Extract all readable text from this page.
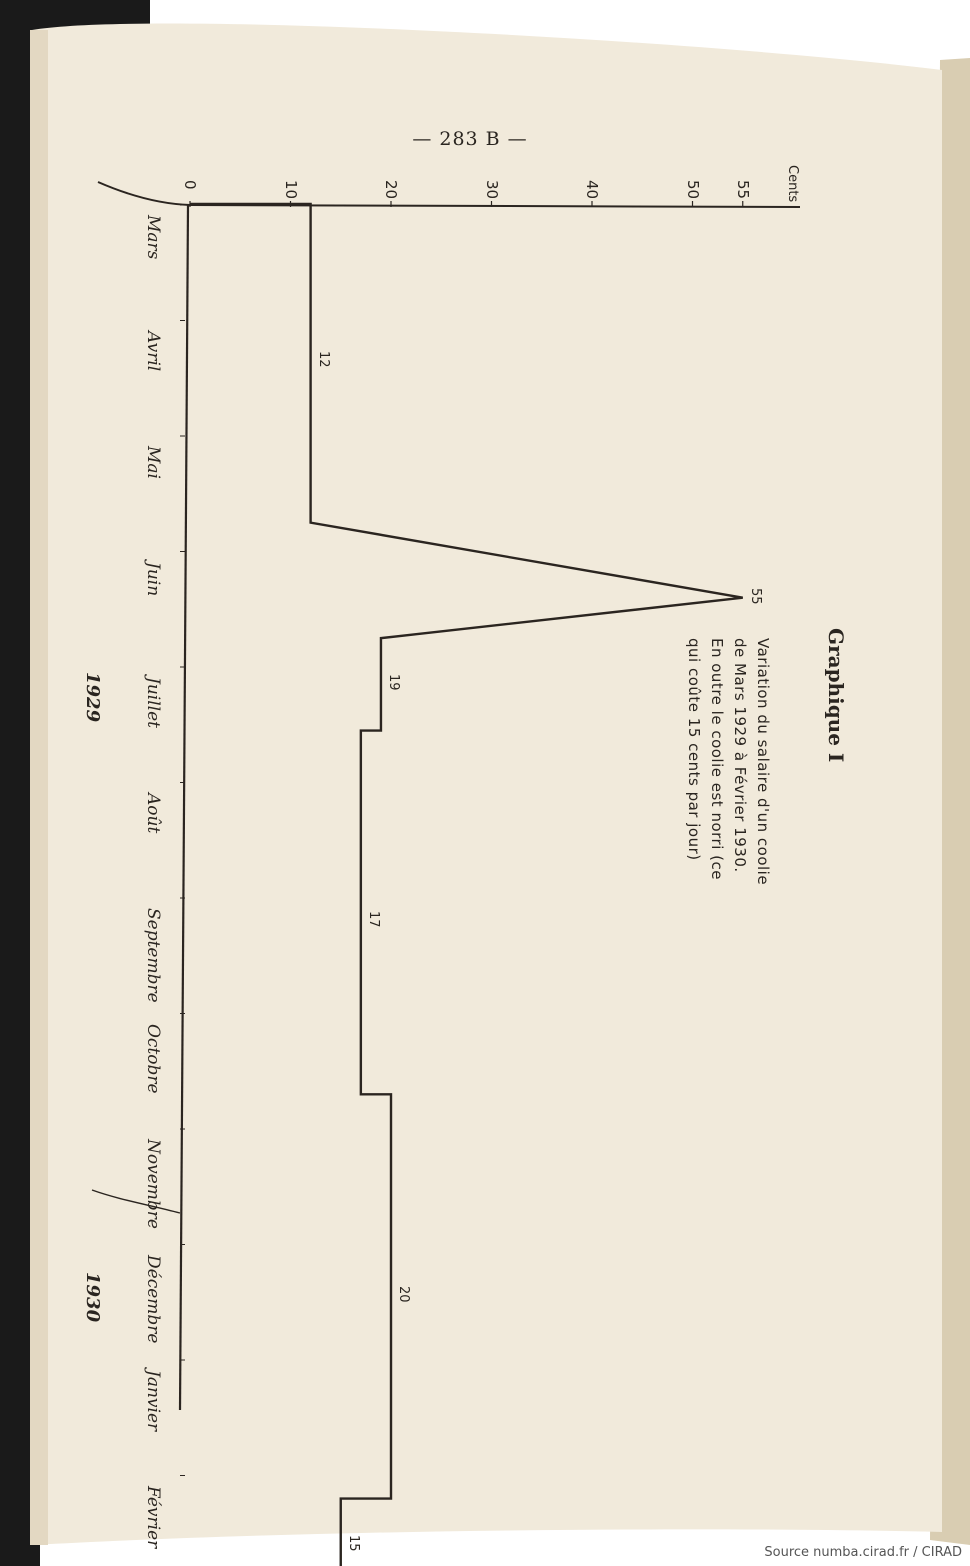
— 283 B —
Source numba.cirad.fr / CIRAD
0	10	20	30	40	50 55	Cents
Mars
Avril
Mai
Juin
Juillet
Août
Septembre
Octobre
Novembre
Décembre
Janvier
Février
1929
1930
12
55
19
17
20
15
Graphique I
Variation du salaire d'un coolie
de Mars 1929 à Février 1930.
En outre le coolie est norri (ce
qui coûte 15 cents par jour)
